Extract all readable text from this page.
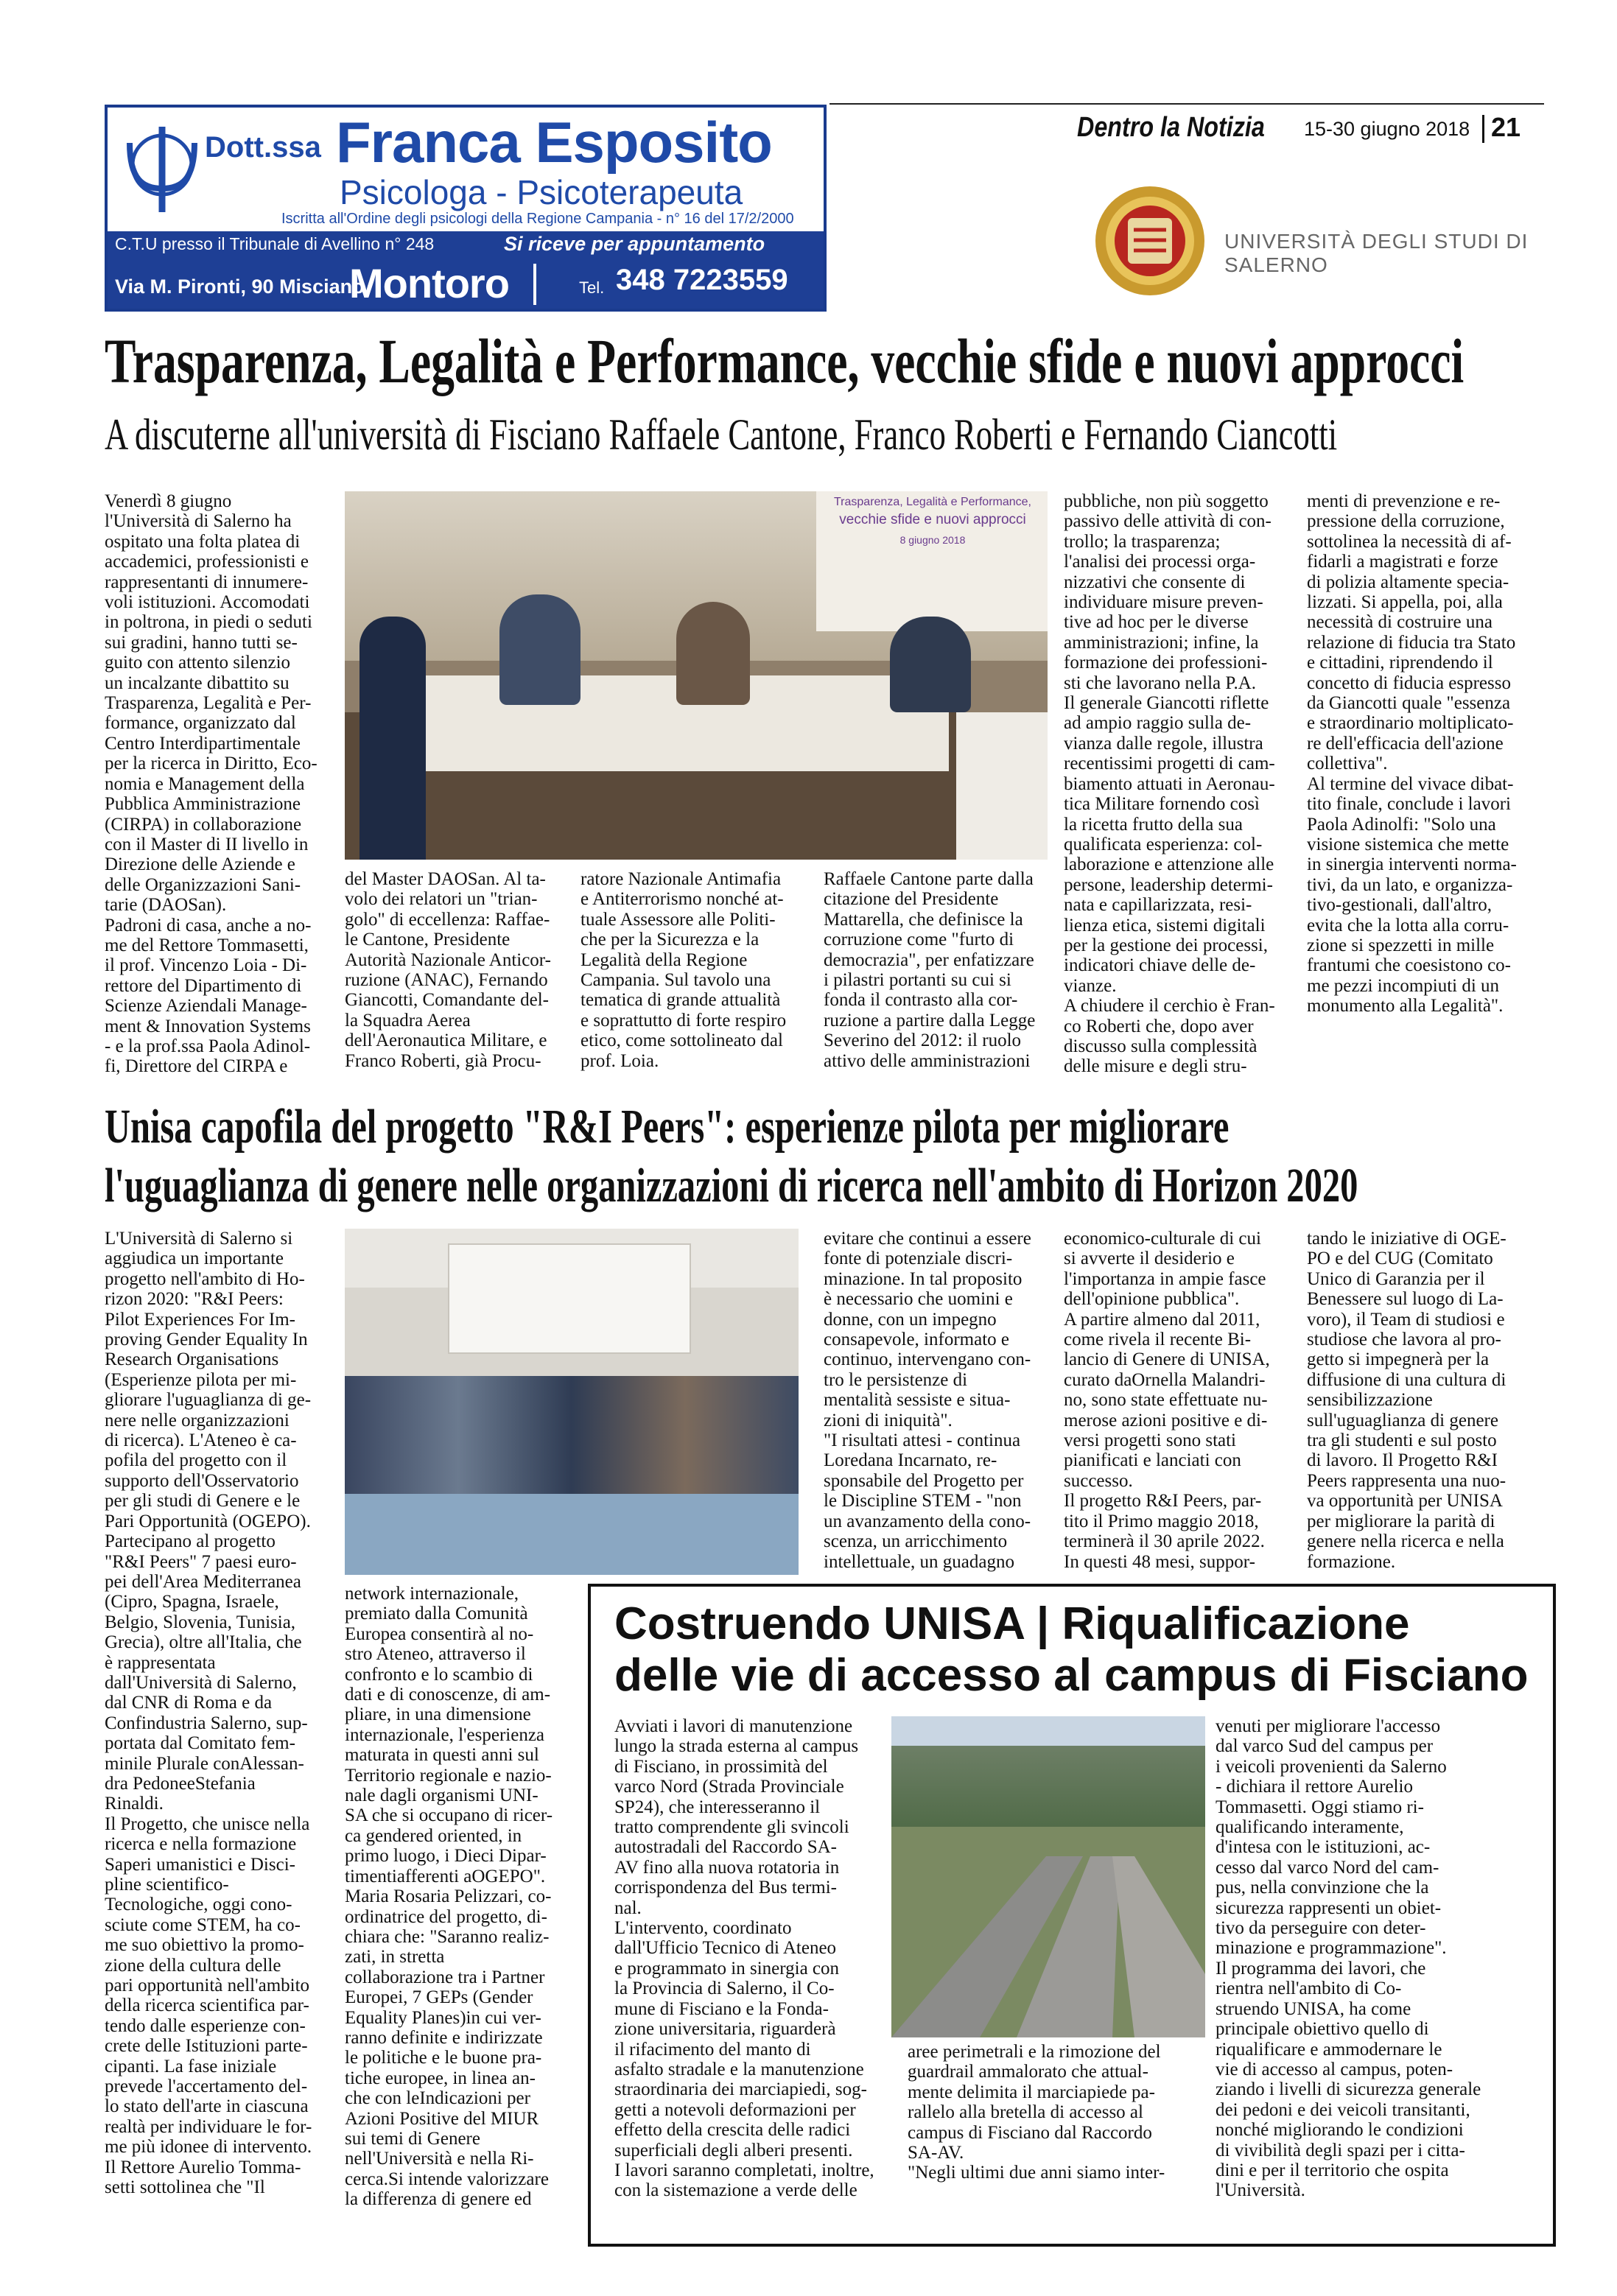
Dott.ssa Franca Esposito
Psicologa - Psicoterapeuta
Iscritta all'Ordine degli psicologi della Regione Campania - n° 16 del 17/2/2000
C.T.U presso il Tribunale di Avellino n° 248	Si riceve per appuntamento
Via M. Pironti, 90 Misciano
Montoro	Tel. 348 7223559
Dentro la Notizia 15-30 giugno 2018 21
UNIVERSITÀ DEGLI STUDI DI SALERNO
Trasparenza, Legalità e Performance, vecchie sfide e nuovi approcci
A discuterne all'università di Fisciano Raffaele Cantone, Franco Roberti e Fernando Ciancotti
Trasparenza, Legalità e Performance,
vecchie sfide e nuovi approcci
8 giugno 2018
Venerdì 8 giugno
l'Università di Salerno ha
ospitato una folta platea di
accademici, professionisti e
rappresentanti di innumere-
voli istituzioni. Accomodati
in poltrona, in piedi o seduti
sui gradini, hanno tutti se-
guito con attento silenzio
un incalzante dibattito su
Trasparenza, Legalità e Per-
formance, organizzato dal
Centro Interdipartimentale
per la ricerca in Diritto, Eco-
nomia e Management della
Pubblica Amministrazione
(CIRPA) in collaborazione
con il Master di II livello in
Direzione delle Aziende e
delle Organizzazioni Sani-
tarie (DAOSan).
Padroni di casa, anche a no-
me del Rettore Tommasetti,
il prof. Vincenzo Loia - Di-
rettore del Dipartimento di
Scienze Aziendali Manage-
ment & Innovation Systems
- e la prof.ssa Paola Adinol-
fi, Direttore del CIRPA e
del Master DAOSan. Al ta-
volo dei relatori un "trian-
golo" di eccellenza: Raffae-
le Cantone, Presidente
Autorità Nazionale Anticor-
ruzione (ANAC), Fernando
Giancotti, Comandante del-
la Squadra Aerea
dell'Aeronautica Militare, e
Franco Roberti, già Procu-
ratore Nazionale Antimafia
e Antiterrorismo nonché at-
tuale Assessore alle Politi-
che per la Sicurezza e la
Legalità della Regione
Campania. Sul tavolo una
tematica di grande attualità
e soprattutto di forte respiro
etico, come sottolineato dal
prof. Loia.
pubbliche, non più soggetto
passivo delle attività di con-
trollo; la trasparenza;
l'analisi dei processi orga-
nizzativi che consente di
individuare misure preven-
tive ad hoc per le diverse
amministrazioni; infine, la
formazione dei professioni-
sti che lavorano nella P.A.
Il generale Giancotti riflette
ad ampio raggio sulla de-
vianza dalle regole, illustra
recentissimi progetti di cam-
biamento attuati in Aeronau-
tica Militare fornendo così
la ricetta frutto della sua
qualificata esperienza: col-
laborazione e attenzione alle
persone, leadership determi-
nata e capillarizzata, resi-
lienza etica, sistemi digitali
per la gestione dei processi,
indicatori chiave delle de-
vianze.
A chiudere il cerchio è Fran-
co Roberti che, dopo aver
discusso sulla complessità
delle misure e degli stru-
Raffaele Cantone parte dalla
citazione del Presidente
Mattarella, che definisce la
corruzione come "furto di
democrazia", per enfatizzare
i pilastri portanti su cui si
fonda il contrasto alla cor-
ruzione a partire dalla Legge
Severino del 2012: il ruolo
attivo delle amministrazioni
menti di prevenzione e re-
pressione della corruzione,
sottolinea la necessità di af-
fidarli a magistrati e forze
di polizia altamente specia-
lizzati. Si appella, poi, alla
necessità di costruire una
relazione di fiducia tra Stato
e cittadini, riprendendo il
concetto di fiducia espresso
da Giancotti quale "essenza
e straordinario moltiplicato-
re dell'efficacia dell'azione
collettiva".
Al termine del vivace dibat-
tito finale, conclude i lavori
Paola Adinolfi: "Solo una
visione sistemica che mette
in sinergia interventi norma-
tivi, da un lato, e organizza-
tivo-gestionali, dall'altro,
evita che la lotta alla corru-
zione si spezzetti in mille
frantumi che coesistono co-
me pezzi incompiuti di un
monumento alla Legalità".
Unisa capofila del progetto "R&I Peers": esperienze pilota per migliorare
l'uguaglianza di genere nelle organizzazioni di ricerca nell'ambito di Horizon 2020
L'Università di Salerno si
aggiudica un importante
progetto nell'ambito di Ho-
rizon 2020: "R&I Peers:
Pilot Experiences For Im-
proving Gender Equality In
Research Organisations
(Esperienze pilota per mi-
gliorare l'uguaglianza di ge-
nere nelle organizzazioni
di ricerca). L'Ateneo è ca-
pofila del progetto con il
supporto dell'Osservatorio
per gli studi di Genere e le
Pari Opportunità (OGEPO).
Partecipano al progetto
"R&I Peers" 7 paesi euro-
pei dell'Area Mediterranea
(Cipro, Spagna, Israele,
Belgio, Slovenia, Tunisia,
Grecia), oltre all'Italia, che
è rappresentata
dall'Università di Salerno,
dal CNR di Roma e da
Confindustria Salerno, sup-
portata dal Comitato fem-
minile Plurale conAlessan-
dra PedoneeStefania
Rinaldi.
Il Progetto, che unisce nella
ricerca e nella formazione
Saperi umanistici e Disci-
pline scientifico-
Tecnologiche, oggi cono-
sciute come STEM, ha co-
me suo obiettivo la promo-
zione della cultura delle
pari opportunità nell'ambito
della ricerca scientifica par-
tendo dalle esperienze con-
crete delle Istituzioni parte-
cipanti. La fase iniziale
prevede l'accertamento del-
lo stato dell'arte in ciascuna
realtà per individuare le for-
me più idonee di intervento.
Il Rettore Aurelio Tomma-
setti sottolinea che "Il
network internazionale,
premiato dalla Comunità
Europea consentirà al no-
stro Ateneo, attraverso il
confronto e lo scambio di
dati e di conoscenze, di am-
pliare, in una dimensione
internazionale, l'esperienza
maturata in questi anni sul
Territorio regionale e nazio-
nale dagli organismi UNI-
SA che si occupano di ricer-
ca gendered oriented, in
primo luogo, i Dieci Dipar-
timentiafferenti aOGEPO".
Maria Rosaria Pelizzari, co-
ordinatrice del progetto, di-
chiara che: "Saranno realiz-
zati, in stretta
collaborazione tra i Partner
Europei, 7 GEPs (Gender
Equality Planes)in cui ver-
ranno definite e indirizzate
le politiche e le buone pra-
tiche europee, in linea an-
che con leIndicazioni per
Azioni Positive del MIUR
sui temi di Genere
nell'Università e nella Ri-
cerca.Si intende valorizzare
la differenza di genere ed
evitare che continui a essere
fonte di potenziale discri-
minazione. In tal proposito
è necessario che uomini e
donne, con un impegno
consapevole, informato e
continuo, intervengano con-
tro le persistenze di
mentalità sessiste e situa-
zioni di iniquità".
"I risultati attesi - continua
Loredana Incarnato, re-
sponsabile del Progetto per
le Discipline STEM - "non
un avanzamento della cono-
scenza, un arricchimento
intellettuale, un guadagno
economico-culturale di cui
si avverte il desiderio e
l'importanza in ampie fasce
dell'opinione pubblica".
A partire almeno dal 2011,
come rivela il recente Bi-
lancio di Genere di UNISA,
curato daOrnella Malandri-
no, sono state effettuate nu-
merose azioni positive e di-
versi progetti sono stati
pianificati e lanciati con
successo.
Il progetto R&I Peers, par-
tito il Primo maggio 2018,
terminerà il 30 aprile 2022.
In questi 48 mesi, suppor-
tando le iniziative di OGE-
PO e del CUG (Comitato
Unico di Garanzia per il
Benessere sul luogo di La-
voro), il Team di studiosi e
studiose che lavora al pro-
getto si impegnerà per la
diffusione di una cultura di
sensibilizzazione
sull'uguaglianza di genere
tra gli studenti e sul posto
di lavoro. Il Progetto R&I
Peers rappresenta una nuo-
va opportunità per UNISA
per migliorare la parità di
genere nella ricerca e nella
formazione.
Costruendo UNISA | Riqualificazione
delle vie di accesso al campus di Fisciano
Avviati i lavori di manutenzione
lungo la strada esterna al campus
di Fisciano, in prossimità del
varco Nord (Strada Provinciale
SP24), che interesseranno il
tratto comprendente gli svincoli
autostradali del Raccordo SA-
AV fino alla nuova rotatoria in
corrispondenza del Bus termi-
nal.
L'intervento, coordinato
dall'Ufficio Tecnico di Ateneo
e programmato in sinergia con
la Provincia di Salerno, il Co-
mune di Fisciano e la Fonda-
zione universitaria, riguarderà
il rifacimento del manto di
asfalto stradale e la manutenzione
straordinaria dei marciapiedi, sog-
getti a notevoli deformazioni per
effetto della crescita delle radici
superficiali degli alberi presenti.
I lavori saranno completati, inoltre,
con la sistemazione a verde delle
aree perimetrali e la rimozione del
guardrail ammalorato che attual-
mente delimita il marciapiede pa-
rallelo alla bretella di accesso al
campus di Fisciano dal Raccordo
SA-AV.
"Negli ultimi due anni siamo inter-
venuti per migliorare l'accesso
dal varco Sud del campus per
i veicoli provenienti da Salerno
- dichiara il rettore Aurelio
Tommasetti. Oggi stiamo ri-
qualificando interamente,
d'intesa con le istituzioni, ac-
cesso dal varco Nord del cam-
pus, nella convinzione che la
sicurezza rappresenti un obiet-
tivo da perseguire con deter-
minazione e programmazione".
Il programma dei lavori, che
rientra nell'ambito di Co-
struendo UNISA, ha come
principale obiettivo quello di
riqualificare e ammodernare le
vie di accesso al campus, poten-
ziando i livelli di sicurezza generale
dei pedoni e dei veicoli transitanti,
nonché migliorando le condizioni
di vivibilità degli spazi per i citta-
dini e per il territorio che ospita
l'Università.
